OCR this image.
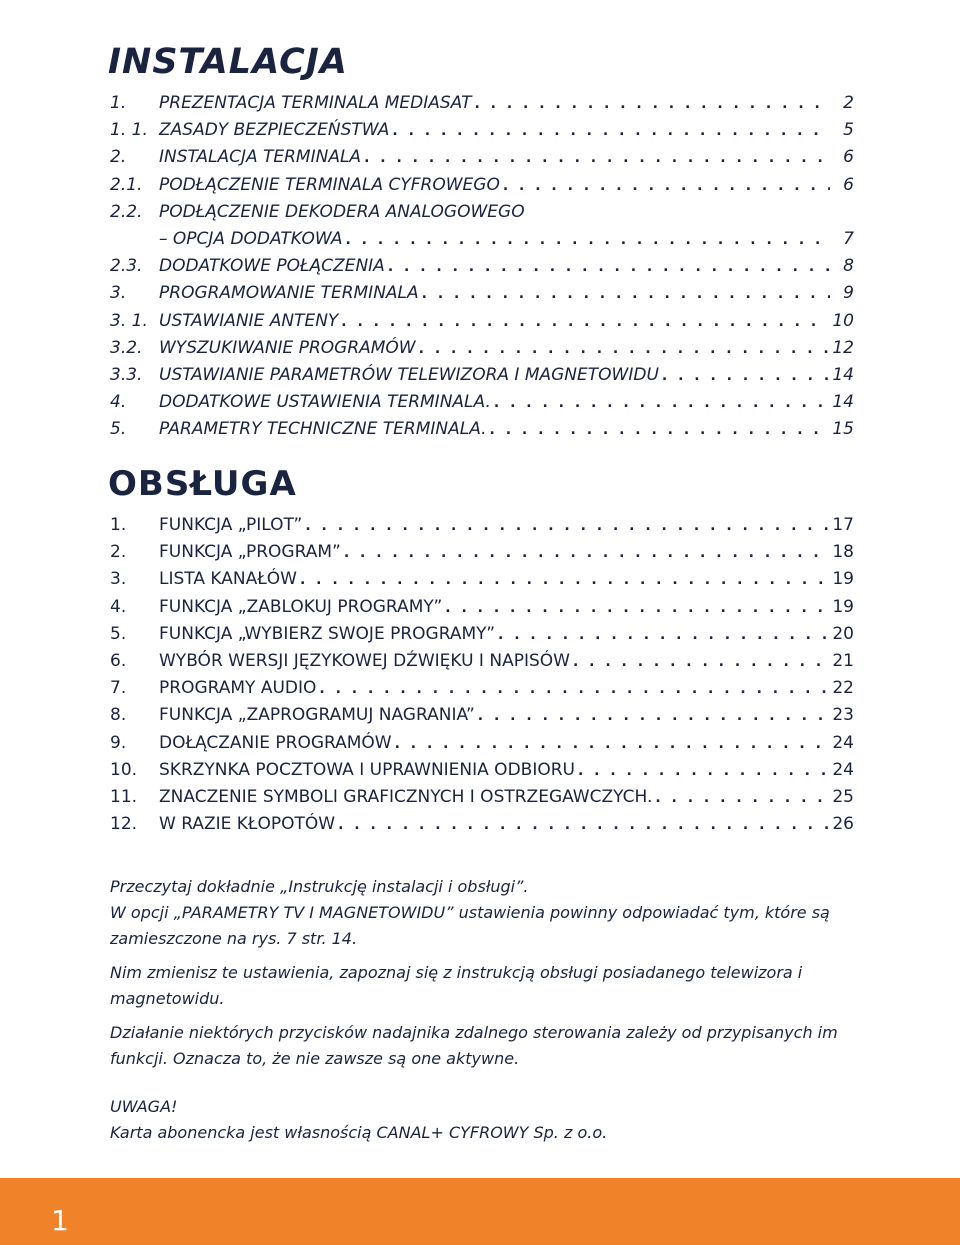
INSTALACJA
1.	PREZENTACJA TERMINALA MEDIASAT . . .	2
1. 1. ZASADY BEZPIECZEŃSTWA . . .	5
2.	INSTALACJA TERMINALA . . .	6
2.1. PODŁĄCZENIE TERMINALA CYFROWEGO . . .	6
2.2. PODŁĄCZENIE DEKODERA ANALOGOWEGO
– OPCJA DODATKOWA . . .	7
2.3. DODATKOWE POŁĄCZENIA . . .	8
3.	PROGRAMOWANIE TERMINALA . . .	9
3. 1. USTAWIANIE ANTENY . . .	10
3.2. WYSZUKIWANIE PROGRAMÓW . . .	12
3.3. USTAWIANIE PARAMETRÓW TELEWIZORA I MAGNETOWIDU . . .	14
4.	DODATKOWE USTAWIENIA TERMINALA. . . .	14
5.	PARAMETRY TECHNICZNE TERMINALA. . . .	15
OBSŁUGA
1.	FUNKCJA „PILOT” . . .	17
2.	FUNKCJA „PROGRAM” . . .	18
3.	LISTA KANAŁÓW . . .	19
4.	FUNKCJA „ZABLOKUJ PROGRAMY” . . .	19
5.	FUNKCJA „WYBIERZ SWOJE PROGRAMY” . . .	20
6.	WYBÓR WERSJI JĘZYKOWEJ DŹWIĘKU I NAPISÓW . . .	21
7.	PROGRAMY AUDIO . . .	22
8.	FUNKCJA „ZAPROGRAMUJ NAGRANIA” . . .	23
9.	DOŁĄCZANIE PROGRAMÓW . . .	24
10.	SKRZYNKA POCZTOWA I UPRAWNIENIA ODBIORU . . .	24
11.	ZNACZENIE SYMBOLI GRAFICZNYCH I OSTRZEGAWCZYCH. . . .	25
12.	W RAZIE KŁOPOTÓW . . .	26

Przeczytaj dokładnie „Instrukcję instalacji i obsługi”.

W opcji „PARAMETRY TV I MAGNETOWIDU” ustawienia powinny odpowiadać tym, które są zamieszczone na rys. 7 str. 14.

Nim zmienisz te ustawienia, zapoznaj się z instrukcją obsługi posiadanego telewizora i magnetowidu.

Działanie niektórych przycisków nadajnika zdalnego sterowania zależy od przypisanych im funkcji. Oznacza to, że nie zawsze są one aktywne.

UWAGA!
Karta abonencka jest własnością CANAL+ CYFROWY Sp. z o.o.
1
